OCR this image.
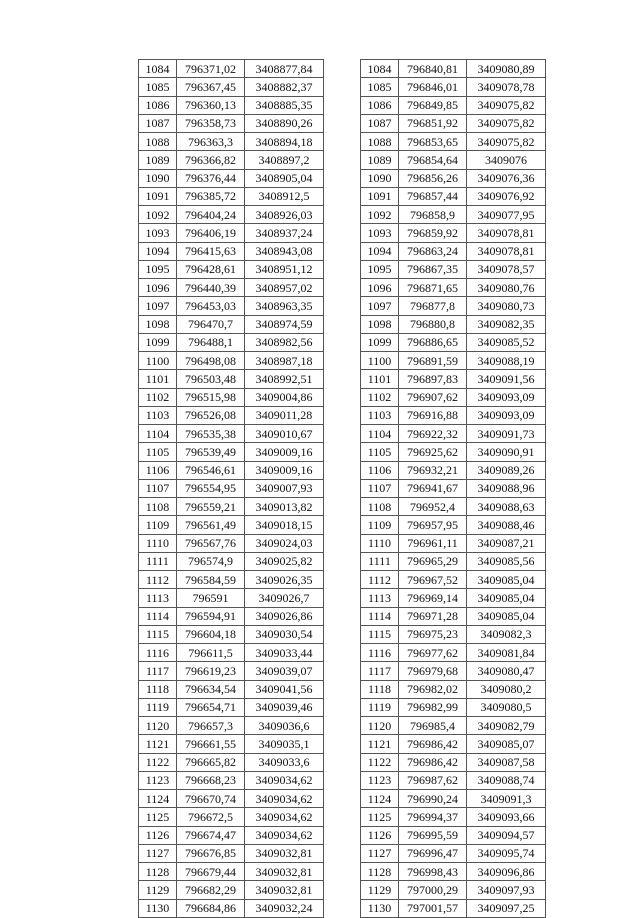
1084	796371,02	3408877,84
1085	796367,45	3408882,37
1086	796360,13	3408885,35
1087	796358,73	3408890,26
1088	796363,3	3408894,18
1089	796366,82	3408897,2
1090	796376,44	3408905,04
1091	796385,72	3408912,5
1092	796404,24	3408926,03
1093	796406,19	3408937,24
1094	796415,63	3408943,08
1095	796428,61	3408951,12
1096	796440,39	3408957,02
1097	796453,03	3408963,35
1098	796470,7	3408974,59
1099	796488,1	3408982,56
1100	796498,08	3408987,18
1101	796503,48	3408992,51
1102	796515,98	3409004,86
1103	796526,08	3409011,28
1104	796535,38	3409010,67
1105	796539,49	3409009,16
1106	796546,61	3409009,16
1107	796554,95	3409007,93
1108	796559,21	3409013,82
1109	796561,49	3409018,15
1110	796567,76	3409024,03
1111	796574,9	3409025,82
1112	796584,59	3409026,35
1113	796591	3409026,7
1114	796594,91	3409026,86
1115	796604,18	3409030,54
1116	796611,5	3409033,44
1117	796619,23	3409039,07
1118	796634,54	3409041,56
1119	796654,71	3409039,46
1120	796657,3	3409036,6
1121	796661,55	3409035,1
1122	796665,82	3409033,6
1123	796668,23	3409034,62
1124	796670,74	3409034,62
1125	796672,5	3409034,62
1126	796674,47	3409034,62
1127	796676,85	3409032,81
1128	796679,44	3409032,81
1129	796682,29	3409032,81
1130	796684,86	3409032,24
1084	796840,81	3409080,89
1085	796846,01	3409078,78
1086	796849,85	3409075,82
1087	796851,92	3409075,82
1088	796853,65	3409075,82
1089	796854,64	3409076
1090	796856,26	3409076,36
1091	796857,44	3409076,92
1092	796858,9	3409077,95
1093	796859,92	3409078,81
1094	796863,24	3409078,81
1095	796867,35	3409078,57
1096	796871,65	3409080,76
1097	796877,8	3409080,73
1098	796880,8	3409082,35
1099	796886,65	3409085,52
1100	796891,59	3409088,19
1101	796897,83	3409091,56
1102	796907,62	3409093,09
1103	796916,88	3409093,09
1104	796922,32	3409091,73
1105	796925,62	3409090,91
1106	796932,21	3409089,26
1107	796941,67	3409088,96
1108	796952,4	3409088,63
1109	796957,95	3409088,46
1110	796961,11	3409087,21
1111	796965,29	3409085,56
1112	796967,52	3409085,04
1113	796969,14	3409085,04
1114	796971,28	3409085,04
1115	796975,23	3409082,3
1116	796977,62	3409081,84
1117	796979,68	3409080,47
1118	796982,02	3409080,2
1119	796982,99	3409080,5
1120	796985,4	3409082,79
1121	796986,42	3409085,07
1122	796986,42	3409087,58
1123	796987,62	3409088,74
1124	796990,24	3409091,3
1125	796994,37	3409093,66
1126	796995,59	3409094,57
1127	796996,47	3409095,74
1128	796998,43	3409096,86
1129	797000,29	3409097,93
1130	797001,57	3409097,25
